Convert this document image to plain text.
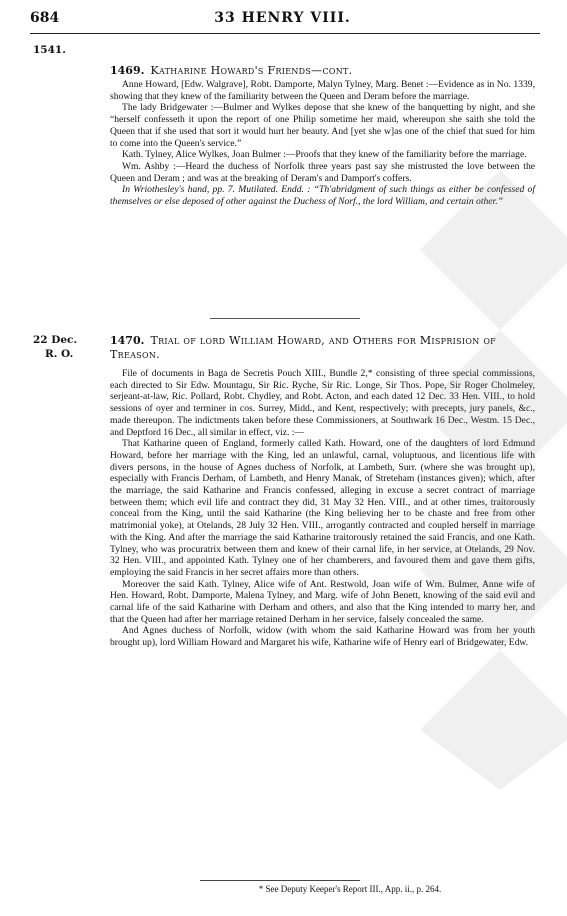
684	33 HENRY VIII.
1541.
1469. Katharine Howard's Friends—cont.

Anne Howard, [Edw. Walgrave], Robt. Damporte, Malyn Tylney, Marg. Benet :—Evidence as in No. 1339, showing that they knew of the familiarity between the Queen and Deram before the marriage.

The lady Bridgewater :—Bulmer and Wylkes depose that she knew of the banquetting by night, and she “herself confesseth it upon the report of one Philip sometime her maid, whereupon she saith she told the Queen that if she used that sort it would hurt her beauty. And [yet she w]as one of the chief that sued for him to come into the Queen's service.”

Kath. Tylney, Alice Wylkes, Joan Bulmer :—Proofs that they knew of the familiarity before the marriage.

Wm. Ashby :—Heard the duchess of Norfolk three years past say she mistrusted the love between the Queen and Deram ; and was at the breaking of Deram's and Damport's coffers.

In Wriothesley's hand, pp. 7. Mutilated. Endd. : “Th'abridgment of such things as either be confessed of themselves or else deposed of other against the Duchess of Norf., the lord William, and certain other.”

22 Dec.
R. O.
1470. Trial of lord William Howard, and Others for Misprision of Treason.

File of documents in Baga de Secretis Pouch XIII., Bundle 2,* consisting of three special commissions, each directed to Sir Edw. Mountagu, Sir Ric. Ryche, Sir Ric. Longe, Sir Thos. Pope, Sir Roger Cholmeley, serjeant-at-law, Ric. Pollard, Robt. Chydley, and Robt. Acton, and each dated 12 Dec. 33 Hen. VIII., to hold sessions of oyer and terminer in cos. Surrey, Midd., and Kent, respectively; with precepts, jury panels, &c., made thereupon. The indictments taken before these Commissioners, at Southwark 16 Dec., Westm. 15 Dec., and Deptford 16 Dec., all similar in effect, viz. :—

That Katharine queen of England, formerly called Kath. Howard, one of the daughters of lord Edmund Howard, before her marriage with the King, led an unlawful, carnal, voluptuous, and licentious life with divers persons, in the house of Agnes duchess of Norfolk, at Lambeth, Surr. (where she was brought up), especially with Francis Derham, of Lambeth, and Henry Manak, of Streteham (instances given); which, after the marriage, the said Katharine and Francis confessed, alleging in excuse a secret contract of marriage between them; which evil life and contract they did, 31 May 32 Hen. VIII., and at other times, traitorously conceal from the King, until the said Katharine (the King believing her to be chaste and free from other matrimonial yoke), at Otelands, 28 July 32 Hen. VIII., arrogantly contracted and coupled herself in marriage with the King. And after the marriage the said Katharine traitorously retained the said Francis, and one Kath. Tylney, who was procuratrix between them and knew of their carnal life, in her service, at Otelands, 29 Nov. 32 Hen. VIII., and appointed Kath. Tylney one of her chamberers, and favoured them and gave them gifts, employing the said Francis in her secret affairs more than others.

Moreover the said Kath. Tylney, Alice wife of Ant. Restwold, Joan wife of Wm. Bulmer, Anne wife of Hen. Howard, Robt. Damporte, Malena Tylney, and Marg. wife of John Benett, knowing of the said evil and carnal life of the said Katharine with Derham and others, and also that the King intended to marry her, and that the Queen had after her marriage retained Derham in her service, falsely concealed the same.

And Agnes duchess of Norfolk, widow (with whom the said Katharine Howard was from her youth brought up), lord William Howard and Margaret his wife, Katharine wife of Henry earl of Bridgewater, Edw.

* See Deputy Keeper's Report III., App. ii., p. 264.
